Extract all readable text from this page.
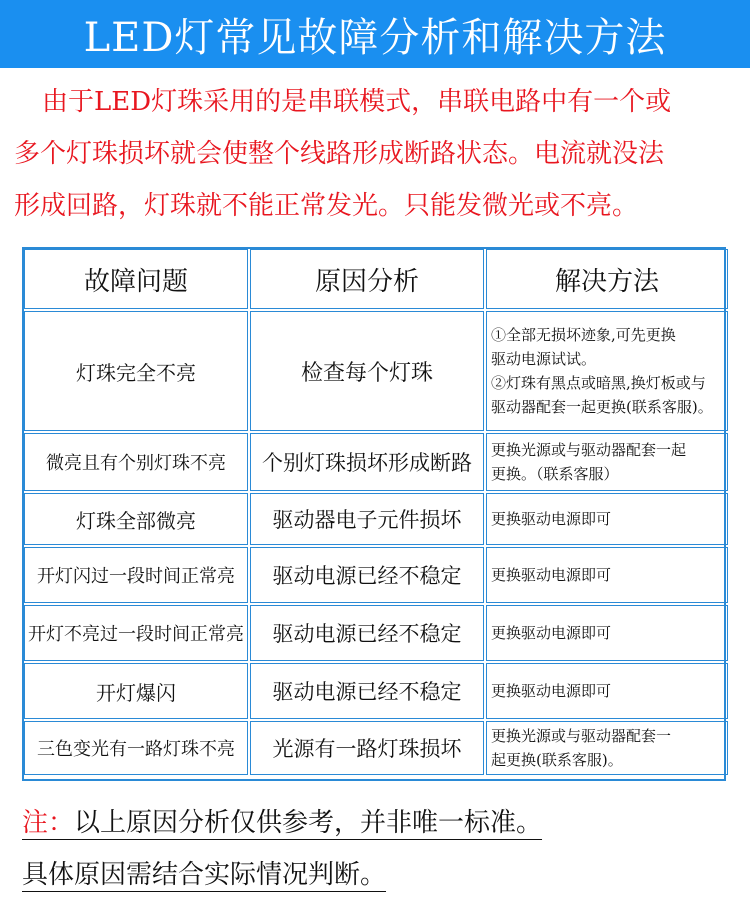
LED灯常见故障分析和解决方法
由于LED灯珠采用的是串联模式，串联电路中有一个或
多个灯珠损坏就会使整个线路形成断路状态。电流就没法
形成回路，灯珠就不能正常发光。只能发微光或不亮。
故障问题	原因分析	解决方法
灯珠完全不亮	检查每个灯珠	①全部无损坏迹象,可先更换
驱动电源试试。
②灯珠有黑点或暗黑,换灯板或与
驱动器配套一起更换(联系客服)。

微亮且有个别灯珠不亮	个别灯珠损坏形成断路	更换光源或与驱动器配套一起
更换。（联系客服）

灯珠全部微亮	驱动器电子元件损坏	更换驱动电源即可

开灯闪过一段时间正常亮	驱动电源已经不稳定	更换驱动电源即可

开灯不亮过一段时间正常亮	驱动电源已经不稳定	更换驱动电源即可

开灯爆闪	驱动电源已经不稳定	更换驱动电源即可

三色变光有一路灯珠不亮	光源有一路灯珠损坏	更换光源或与驱动器配套一
起更换(联系客服)。
注：以上原因分析仅供参考，并非唯一标准。
具体原因需结合实际情况判断。
